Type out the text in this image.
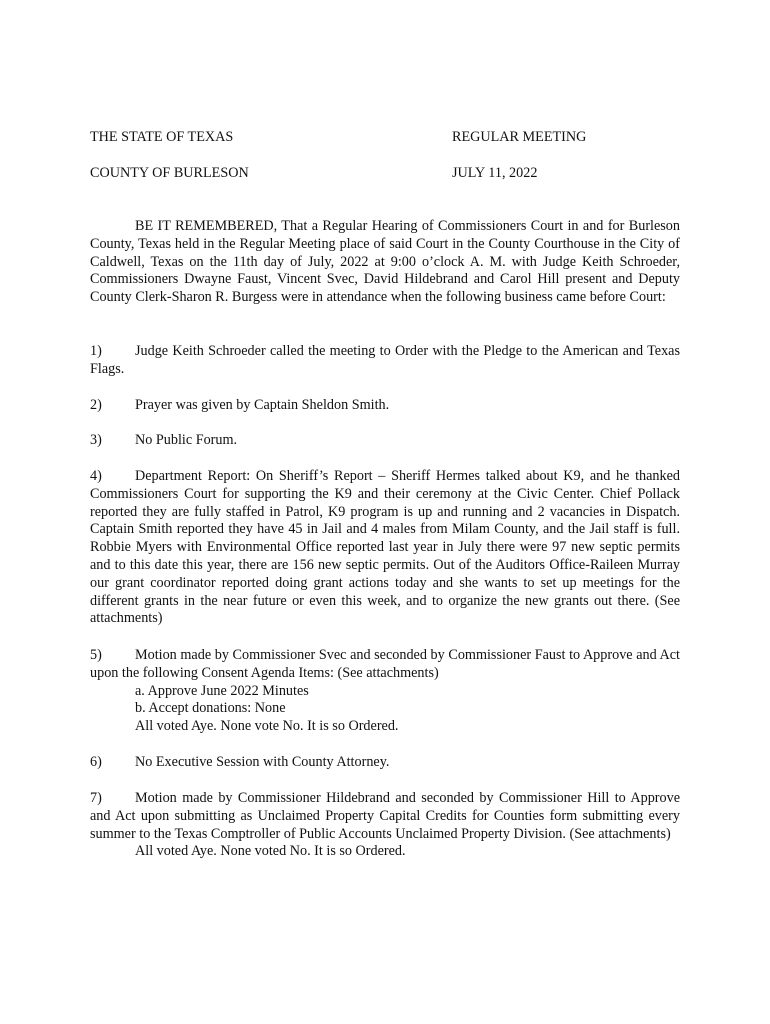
THE STATE OF TEXAS	REGULAR MEETING
COUNTY OF BURLESON	JULY 11, 2022

BE IT REMEMBERED, That a Regular Hearing of Commissioners Court in and for Burleson County, Texas held in the Regular Meeting place of said Court in the County Courthouse in the City of Caldwell, Texas on the 11th day of July, 2022 at 9:00 o’clock A. M. with Judge Keith Schroeder, Commissioners Dwayne Faust, Vincent Svec, David Hildebrand and Carol Hill present and Deputy County Clerk-Sharon R. Burgess were in attendance when the following business came before Court:

1) Judge Keith Schroeder called the meeting to Order with the Pledge to the American and Texas Flags.

2) Prayer was given by Captain Sheldon Smith.

3) No Public Forum.

4) Department Report: On Sheriff’s Report – Sheriff Hermes talked about K9, and he thanked Commissioners Court for supporting the K9 and their ceremony at the Civic Center. Chief Pollack reported they are fully staffed in Patrol, K9 program is up and running and 2 vacancies in Dispatch. Captain Smith reported they have 45 in Jail and 4 males from Milam County, and the Jail staff is full. Robbie Myers with Environmental Office reported last year in July there were 97 new septic permits and to this date this year, there are 156 new septic permits. Out of the Auditors Office-Raileen Murray our grant coordinator reported doing grant actions today and she wants to set up meetings for the different grants in the near future or even this week, and to organize the new grants out there. (See attachments)

5) Motion made by Commissioner Svec and seconded by Commissioner Faust to Approve and Act upon the following Consent Agenda Items: (See attachments)

a. Approve June 2022 Minutes

b. Accept donations: None

All voted Aye. None vote No. It is so Ordered.

6) No Executive Session with County Attorney.

7) Motion made by Commissioner Hildebrand and seconded by Commissioner Hill to Approve and Act upon submitting as Unclaimed Property Capital Credits for Counties form submitting every summer to the Texas Comptroller of Public Accounts Unclaimed Property Division. (See attachments)

All voted Aye. None voted No. It is so Ordered.
